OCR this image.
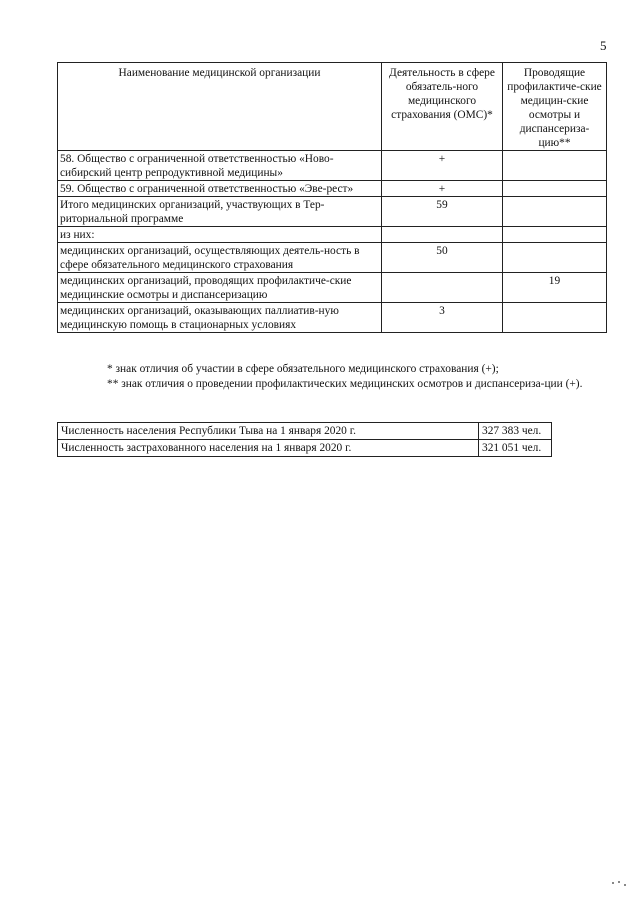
5
Наименование медицинской организации	Деятельность в сфере обязатель-ного медицинского страхования (ОМС)*	Проводящие профилактиче-ские медицин-ские осмотры и диспансериза-цию**
58. Общество с ограниченной ответственностью «Ново-сибирский центр репродуктивной медицины»	+	
59. Общество с ограниченной ответственностью «Эве-рест»	+	
Итого медицинских организаций, участвующих в Тер-риториальной программе	59	
из них:		
медицинских организаций, осуществляющих деятель-ность в сфере обязательного медицинского страхования	50	
медицинских организаций, проводящих профилактиче-ские медицинские осмотры и диспансеризацию		19
медицинских организаций, оказывающих паллиатив-ную медицинскую помощь в стационарных условиях	3	

* знак отличия об участии в сфере обязательного медицинского страхования (+);

** знак отличия о проведении профилактических медицинских осмотров и диспансериза-ции (+).

Численность населения Республики Тыва на 1 января 2020 г.	327 383 чел.
Численность застрахованного населения на 1 января 2020 г.	321 051 чел.
